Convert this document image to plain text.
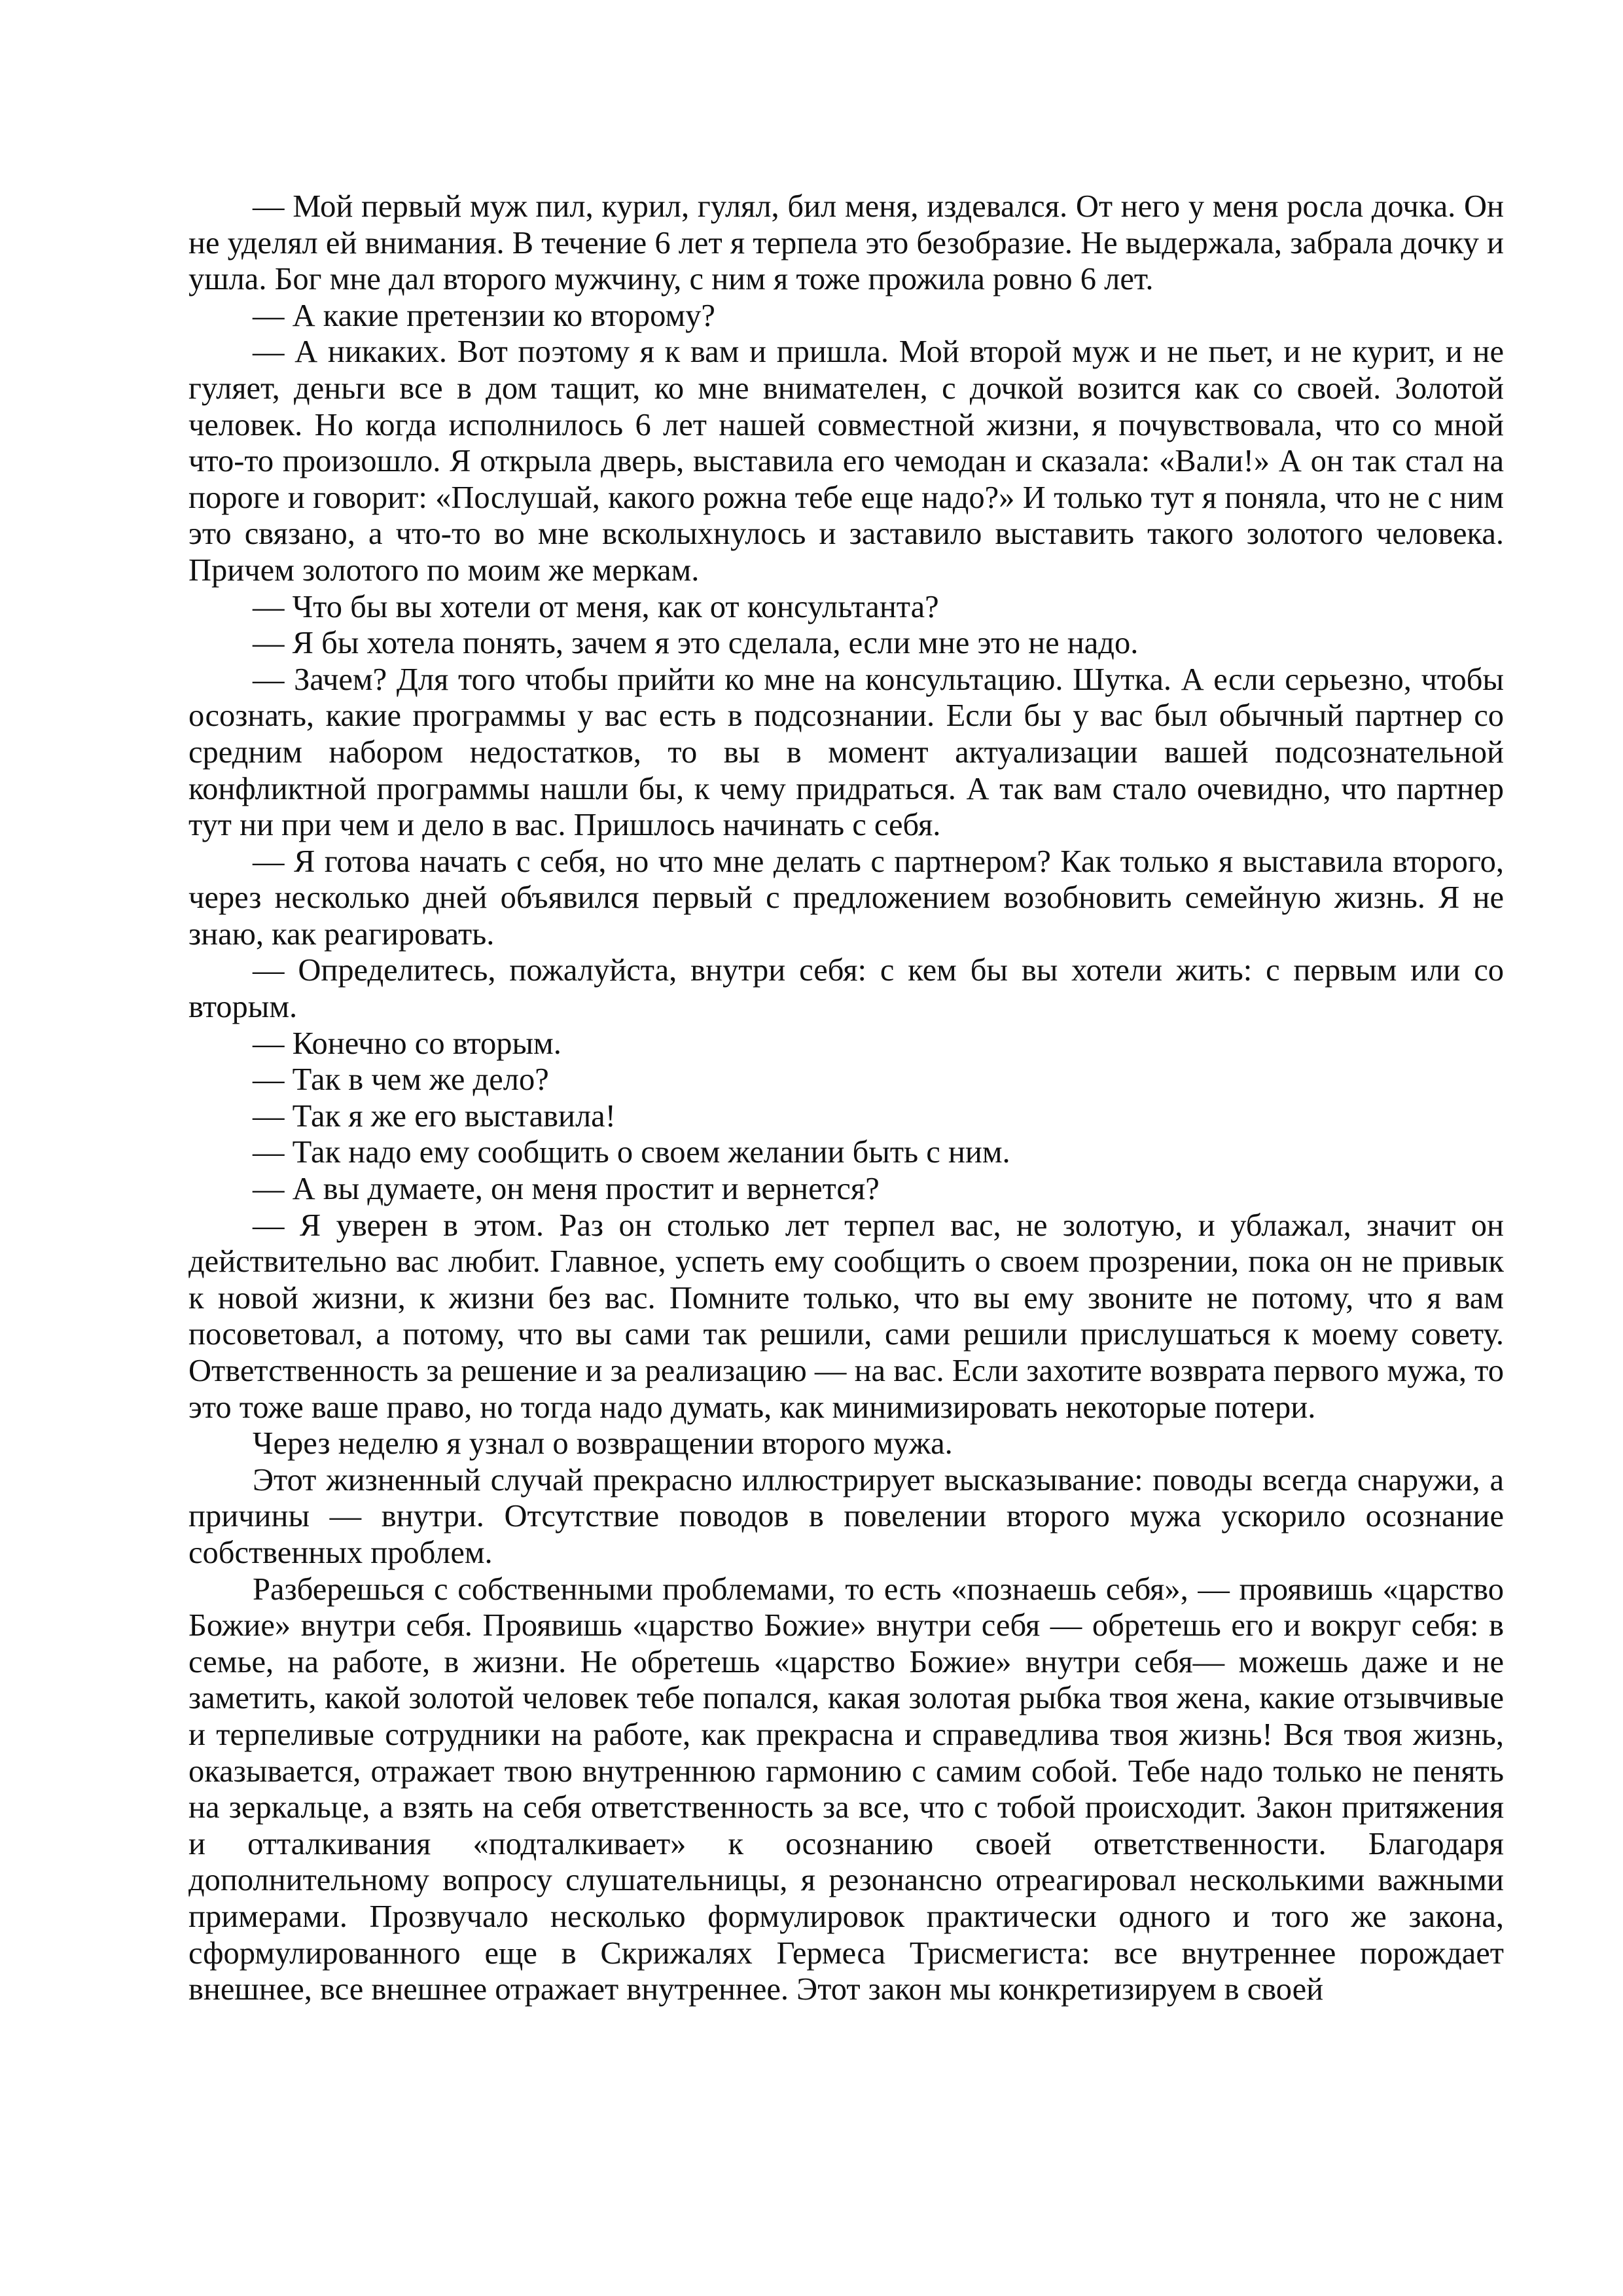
— Мой первый муж пил, курил, гулял, бил меня, издевался. От него у меня росла дочка. Он не уделял ей внимания. В течение 6 лет я терпела это безобразие. Не выдержала, забрала дочку и ушла. Бог мне дал второго мужчину, с ним я тоже прожила ровно 6 лет.

— А какие претензии ко второму?

— А никаких. Вот поэтому я к вам и пришла. Мой второй муж и не пьет, и не курит, и не гуляет, деньги все в дом тащит, ко мне внимателен, с дочкой возится как со своей. Золотой человек. Но когда исполнилось 6 лет нашей совместной жизни, я почувствовала, что со мной что-то произошло. Я открыла дверь, выставила его чемодан и сказала: «Вали!» А он так стал на пороге и говорит: «Послушай, какого рожна тебе еще надо?» И только тут я поняла, что не с ним это связано, а что-то во мне всколыхнулось и заставило выставить такого золотого человека. Причем золотого по моим же меркам.

— Что бы вы хотели от меня, как от консультанта?

— Я бы хотела понять, зачем я это сделала, если мне это не надо.

— Зачем? Для того чтобы прийти ко мне на консультацию. Шутка. А если серьезно, чтобы осознать, какие программы у вас есть в подсознании. Если бы у вас был обычный партнер со средним набором недостатков, то вы в момент актуализации вашей подсознательной конфликтной программы нашли бы, к чему придраться. А так вам стало очевидно, что партнер тут ни при чем и дело в вас. Пришлось начинать с себя.

— Я готова начать с себя, но что мне делать с партнером? Как только я выставила второго, через несколько дней объявился первый с предложением возобновить семейную жизнь. Я не знаю, как реагировать.

— Определитесь, пожалуйста, внутри себя: с кем бы вы хотели жить: с первым или со вторым.

— Конечно со вторым.

— Так в чем же дело?

— Так я же его выставила!

— Так надо ему сообщить о своем желании быть с ним.

— А вы думаете, он меня простит и вернется?

— Я уверен в этом. Раз он столько лет терпел вас, не золотую, и ублажал, значит он действительно вас любит. Главное, успеть ему сообщить о своем прозрении, пока он не привык к новой жизни, к жизни без вас. Помните только, что вы ему звоните не потому, что я вам посоветовал, а потому, что вы сами так решили, сами решили прислушаться к моему совету. Ответственность за решение и за реализацию — на вас. Если захотите возврата первого мужа, то это тоже ваше право, но тогда надо думать, как минимизировать некоторые потери.

Через неделю я узнал о возвращении второго мужа.

Этот жизненный случай прекрасно иллюстрирует высказывание: поводы всегда снаружи, а причины — внутри. Отсутствие поводов в повелении второго мужа ускорило осознание собственных проблем.

Разберешься с собственными проблемами, то есть «познаешь себя», — проявишь «царство Божие» внутри себя. Проявишь «царство Божие» внутри себя — обретешь его и вокруг себя: в семье, на работе, в жизни. Не обретешь «царство Божие» внутри себя— можешь даже и не заметить, какой золотой человек тебе попался, какая золотая рыбка твоя жена, какие отзывчивые и терпеливые сотрудники на работе, как прекрасна и справедлива твоя жизнь! Вся твоя жизнь, оказывается, отражает твою внутреннюю гармонию с самим собой. Тебе надо только не пенять на зеркальце, а взять на себя ответственность за все, что с тобой происходит. Закон притяжения и отталкивания «подталкивает» к осознанию своей ответственности. Благодаря дополнительному вопросу слушательницы, я резонансно отреагировал несколькими важными примерами. Прозвучало несколько формулировок практически одного и того же закона, сформулированного еще в Скрижалях Гермеса Трисмегиста: все внутреннее порождает внешнее, все внешнее отражает внутреннее. Этот закон мы конкретизируем в своей
